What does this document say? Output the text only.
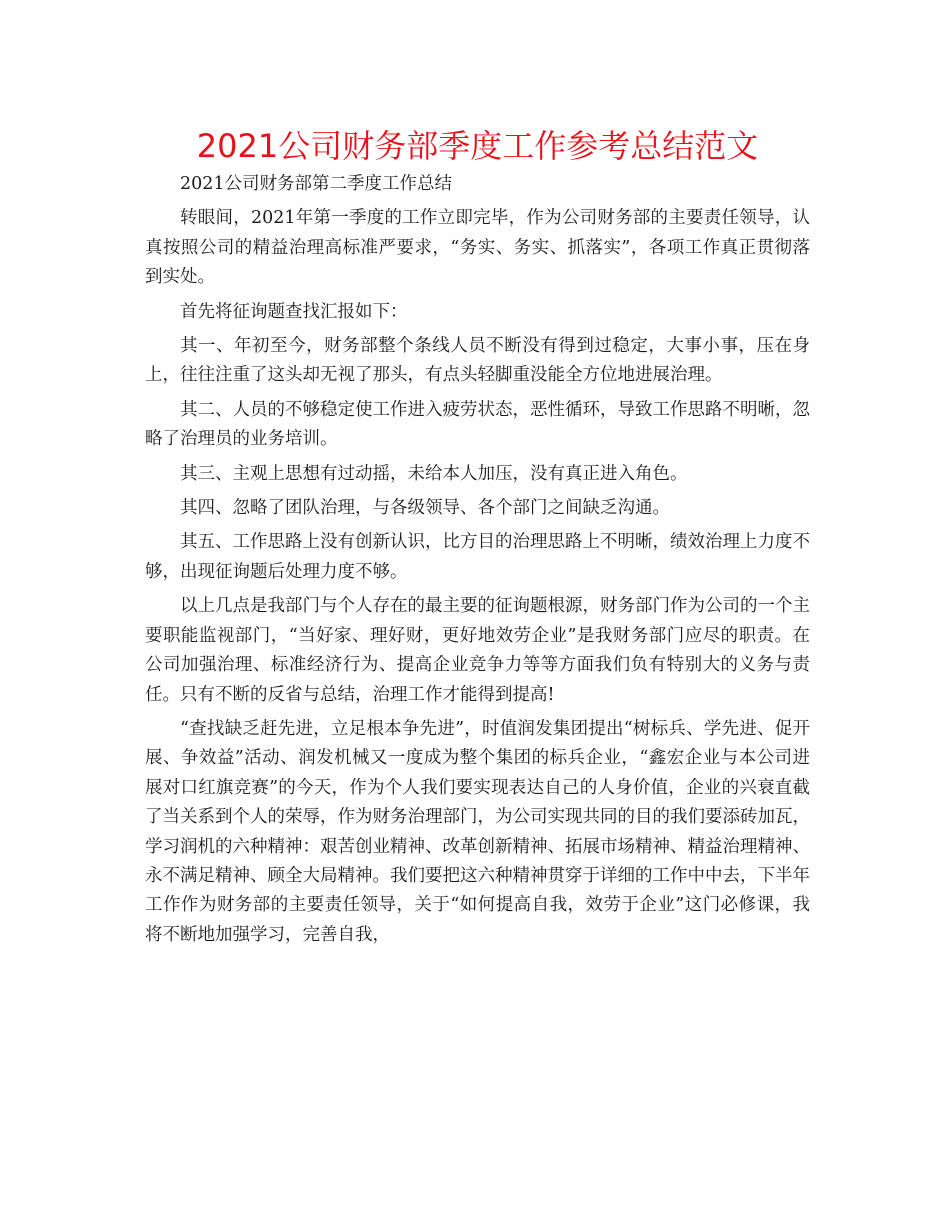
2021公司财务部季度工作参考总结范文

2021公司财务部第二季度工作总结

转眼间，2021年第一季度的工作立即完毕，作为公司财务部的主要责任领导，认真按照公司的精益治理高标准严要求，“务实、务实、抓落实”，各项工作真正贯彻落到实处。

首先将征询题查找汇报如下：

其一、年初至今，财务部整个条线人员不断没有得到过稳定，大事小事，压在身上，往往注重了这头却无视了那头，有点头轻脚重没能全方位地进展治理。

其二、人员的不够稳定使工作进入疲劳状态，恶性循环，导致工作思路不明晰，忽略了治理员的业务培训。

其三、主观上思想有过动摇，未给本人加压，没有真正进入角色。

其四、忽略了团队治理，与各级领导、各个部门之间缺乏沟通。

其五、工作思路上没有创新认识，比方目的治理思路上不明晰，绩效治理上力度不够，出现征询题后处理力度不够。

以上几点是我部门与个人存在的最主要的征询题根源，财务部门作为公司的一个主要职能监视部门，“当好家、理好财，更好地效劳企业”是我财务部门应尽的职责。在公司加强治理、标准经济行为、提高企业竞争力等等方面我们负有特别大的义务与责任。只有不断的反省与总结，治理工作才能得到提高!

“查找缺乏赶先进，立足根本争先进”，时值润发集团提出“树标兵、学先进、促开展、争效益”活动、润发机械又一度成为整个集团的标兵企业，“鑫宏企业与本公司进展对口红旗竞赛”的今天，作为个人我们要实现表达自己的人身价值，企业的兴衰直截了当关系到个人的荣辱，作为财务治理部门，为公司实现共同的目的我们要添砖加瓦，学习润机的六种精神：艰苦创业精神、改革创新精神、拓展市场精神、精益治理精神、永不满足精神、顾全大局精神。我们要把这六种精神贯穿于详细的工作中中去，下半年工作作为财务部的主要责任领导，关于“如何提高自我，效劳于企业”这门必修课，我将不断地加强学习，完善自我，
